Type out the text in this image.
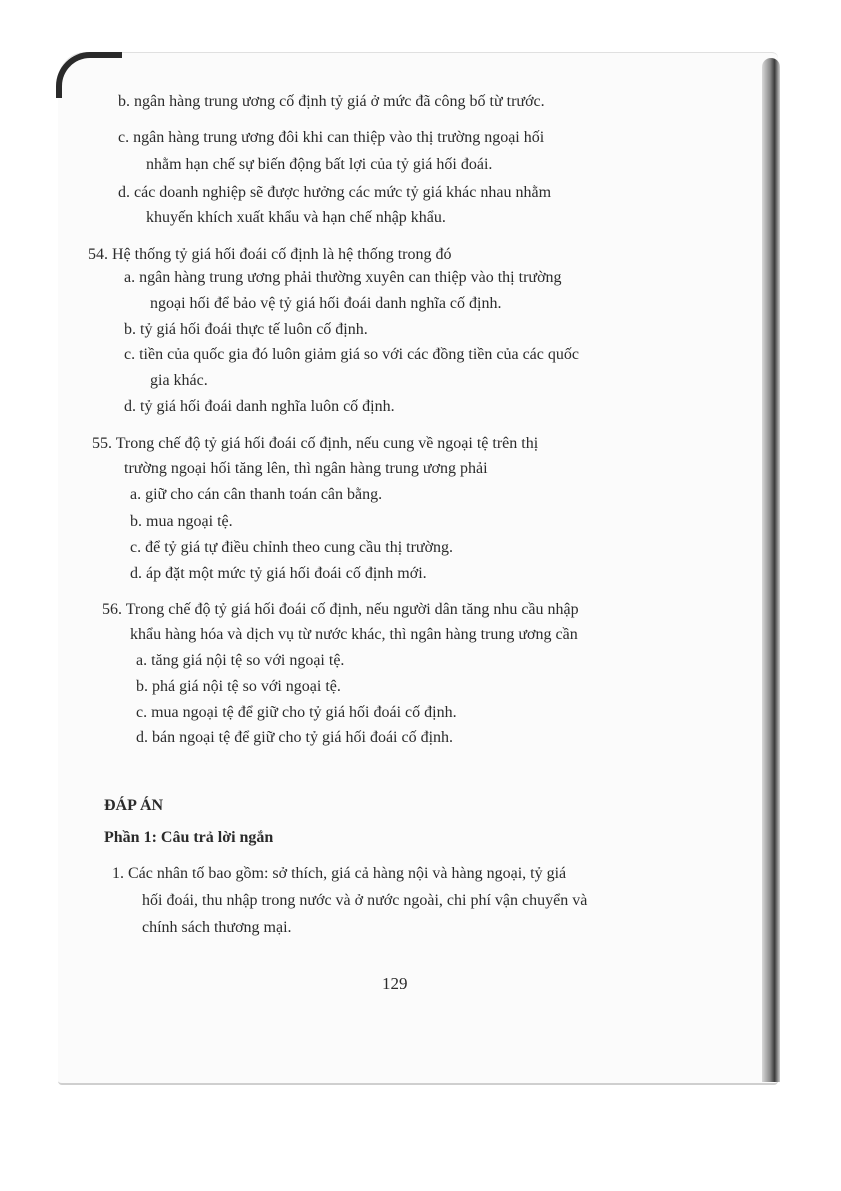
b. ngân hàng trung ương cố định tỷ giá ở mức đã công bố từ trước.
c. ngân hàng trung ương đôi khi can thiệp vào thị trường ngoại hối
nhằm hạn chế sự biến động bất lợi của tỷ giá hối đoái.
d. các doanh nghiệp sẽ được hưởng các mức tỷ giá khác nhau nhằm
khuyến khích xuất khẩu và hạn chế nhập khẩu.
54. Hệ thống tỷ giá hối đoái cố định là hệ thống trong đó
a. ngân hàng trung ương phải thường xuyên can thiệp vào thị trường
ngoại hối để bảo vệ tỷ giá hối đoái danh nghĩa cố định.
b. tỷ giá hối đoái thực tế luôn cố định.
c. tiền của quốc gia đó luôn giảm giá so với các đồng tiền của các quốc
gia khác.
d. tỷ giá hối đoái danh nghĩa luôn cố định.
55. Trong chế độ tỷ giá hối đoái cố định, nếu cung về ngoại tệ trên thị
trường ngoại hối tăng lên, thì ngân hàng trung ương phải
a. giữ cho cán cân thanh toán cân bằng.
b. mua ngoại tệ.
c. để tỷ giá tự điều chỉnh theo cung cầu thị trường.
d. áp đặt một mức tỷ giá hối đoái cố định mới.
56. Trong chế độ tỷ giá hối đoái cố định, nếu người dân tăng nhu cầu nhập
khẩu hàng hóa và dịch vụ từ nước khác, thì ngân hàng trung ương cần
a. tăng giá nội tệ so với ngoại tệ.
b. phá giá nội tệ so với ngoại tệ.
c. mua ngoại tệ để giữ cho tỷ giá hối đoái cố định.
d. bán ngoại tệ để giữ cho tỷ giá hối đoái cố định.
ĐÁP ÁN
Phần 1: Câu trả lời ngắn
1. Các nhân tố bao gồm: sở thích, giá cả hàng nội và hàng ngoại, tỷ giá
hối đoái, thu nhập trong nước và ở nước ngoài, chi phí vận chuyển và
chính sách thương mại.
129
